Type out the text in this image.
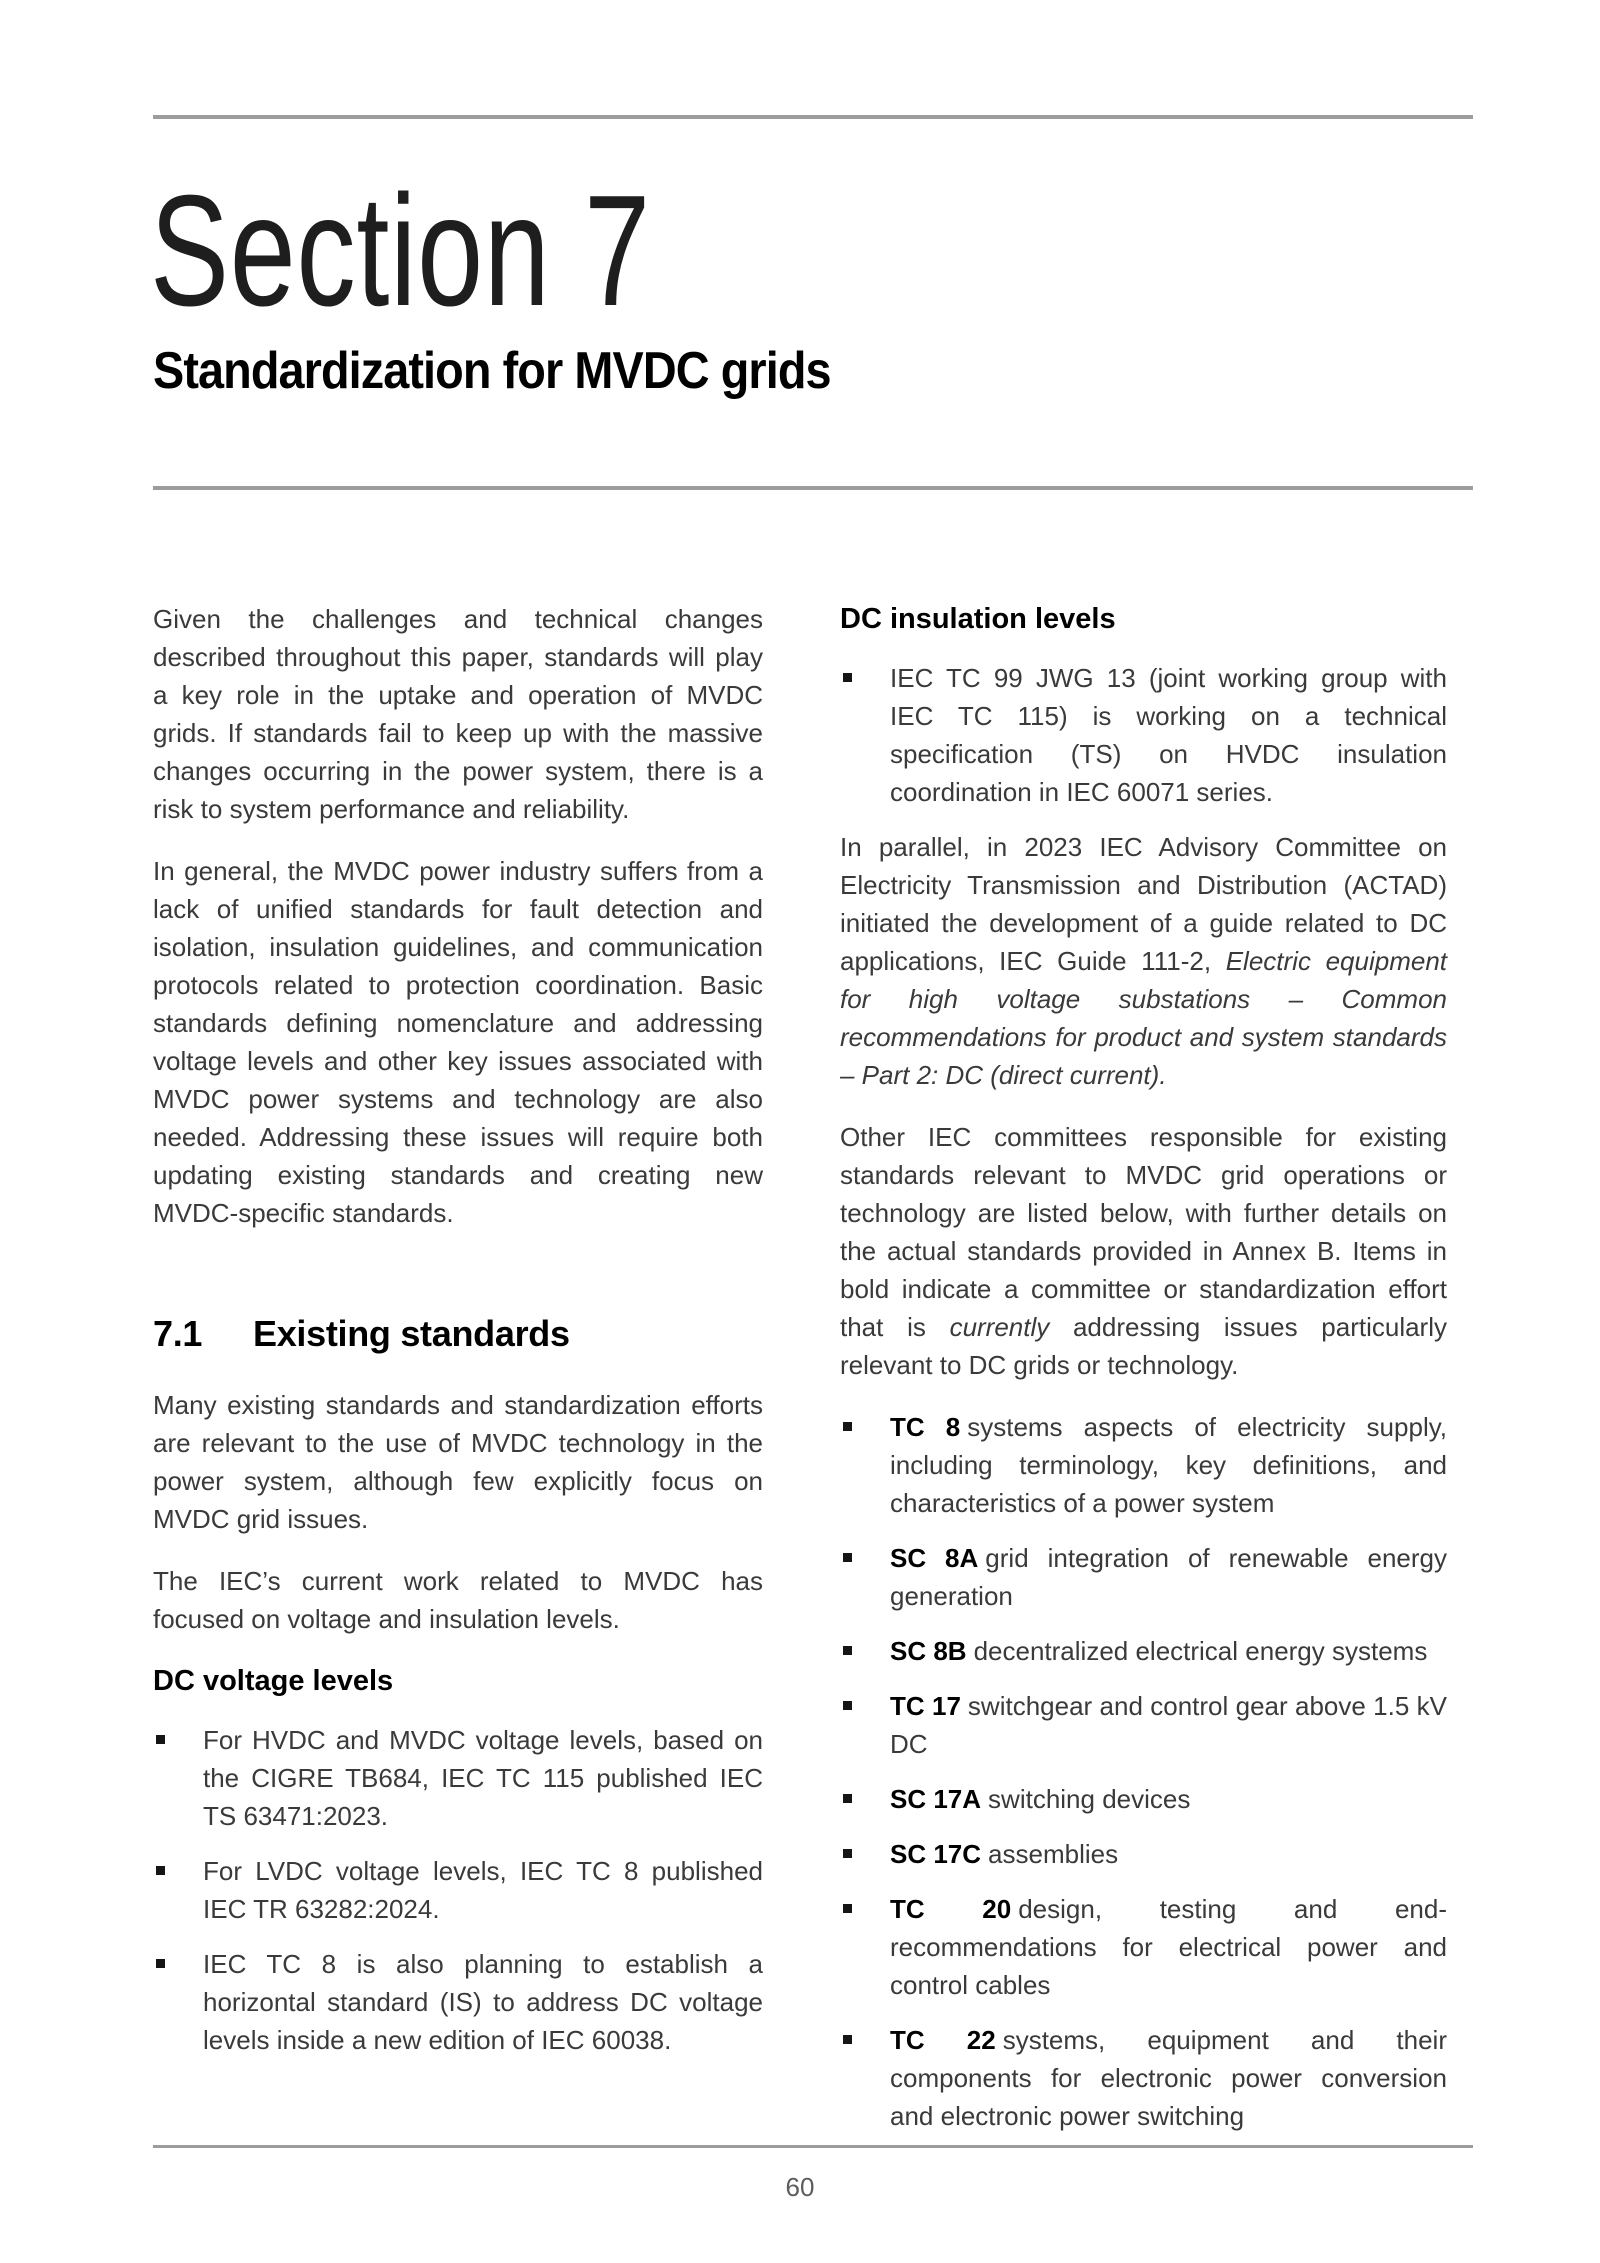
Section 7
Standardization for MVDC grids

Given the challenges and technical changes described throughout this paper, standards will play a key role in the uptake and operation of MVDC grids. If standards fail to keep up with the massive changes occurring in the power system, there is a risk to system performance and reliability.

In general, the MVDC power industry suffers from a lack of unified standards for fault detection and isolation, insulation guidelines, and communication protocols related to protection coordination. Basic standards defining nomenclature and addressing voltage levels and other key issues associated with MVDC power systems and technology are also needed. Addressing these issues will require both updating existing standards and creating new MVDC-specific standards.

7.1	Existing standards

Many existing standards and standardization efforts are relevant to the use of MVDC technology in the power system, although few explicitly focus on MVDC grid issues.

The IEC’s current work related to MVDC has focused on voltage and insulation levels.

DC voltage levels
For HVDC and MVDC voltage levels, based on the CIGRE TB684, IEC TC 115 published IEC TS 63471:2023.
For LVDC voltage levels, IEC TC 8 published IEC TR 63282:2024.
IEC TC 8 is also planning to establish a horizontal standard (IS) to address DC voltage levels inside a new edition of IEC 60038.
DC insulation levels
IEC TC 99 JWG 13 (joint working group with IEC TC 115) is working on a technical specification (TS) on HVDC insulation coordination in IEC 60071 series.

In parallel, in 2023 IEC Advisory Committee on Electricity Transmission and Distribution (ACTAD) initiated the development of a guide related to DC applications, IEC Guide 111-2, Electric equipment for high voltage substations – Common recommendations for product and system standards – Part 2: DC (direct current).

Other IEC committees responsible for existing standards relevant to MVDC grid operations or technology are listed below, with further details on the actual standards provided in Annex B. Items in bold indicate a committee or standardization effort that is currently addressing issues particularly relevant to DC grids or technology.

TC 8 systems aspects of electricity supply, including terminology, key definitions, and characteristics of a power system
SC 8A grid integration of renewable energy generation
SC 8B decentralized electrical energy systems
TC 17 switchgear and control gear above 1.5 kV DC
SC 17A switching devices
SC 17C assemblies
TC 20 design, testing and end-recommendations for electrical power and control cables
TC 22 systems, equipment and their components for electronic power conversion and electronic power switching
60
